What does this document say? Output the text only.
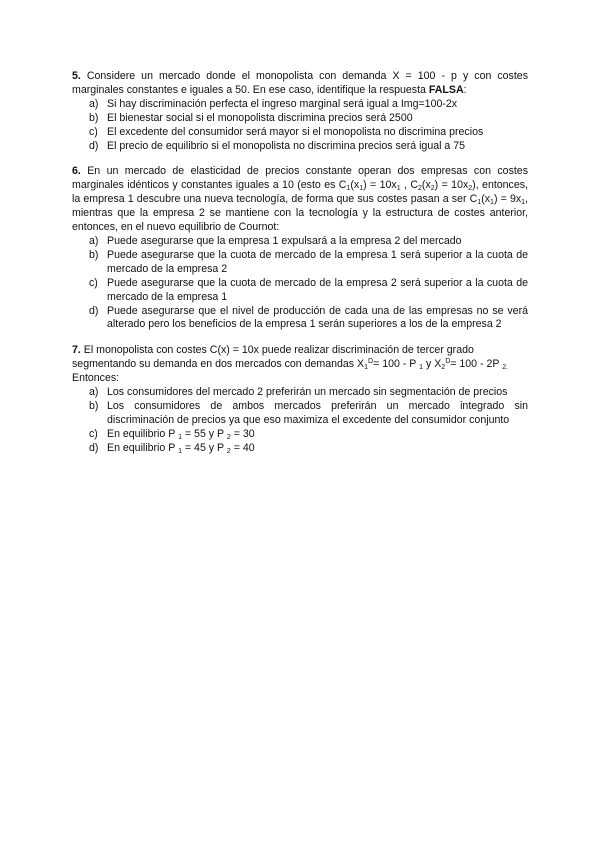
5. Considere un mercado donde el monopolista con demanda X = 100 - p y con costes marginales constantes e iguales a 50. En ese caso, identifique la respuesta FALSA:
a) Si hay discriminación perfecta el ingreso marginal será igual a Img=100-2x
b) El bienestar social si el monopolista discrimina precios será 2500
c) El excedente del consumidor será mayor si el monopolista no discrimina precios
d) El precio de equilibrio si el monopolista no discrimina precios será igual a 75
6. En un mercado de elasticidad de precios constante operan dos empresas con costes marginales idénticos y constantes iguales a 10 (esto es $C_1(x_1) = 10x_1$ , $C_2(x_2) = 10x_2$), entonces, la empresa 1 descubre una nueva tecnología, de forma que sus costes pasan a ser $C_1(x_1) = 9x_1$, mientras que la empresa 2 se mantiene con la tecnología y la estructura de costes anterior, entonces, en el nuevo equilibrio de Cournot:
a) Puede asegurarse que la empresa 1 expulsará a la empresa 2 del mercado
b) Puede asegurarse que la cuota de mercado de la empresa 1 será superior a la cuota de mercado de la empresa 2
c) Puede asegurarse que la cuota de mercado de la empresa 2 será superior a la cuota de mercado de la empresa 1
d) Puede asegurarse que el nivel de producción de cada una de las empresas no se verá alterado pero los beneficios de la empresa 1 serán superiores a los de la empresa 2
7. El monopolista con costes C(x) = 10x puede realizar discriminación de tercer grado segmentando su demanda en dos mercados con demandas $X_1^D= 100 - P$ $_1$ y $X_2^D= 100 - 2P$ $_{2.}$ Entonces:
a) Los consumidores del mercado 2 preferirán un mercado sin segmentación de precios
b) Los consumidores de ambos mercados preferirán un mercado integrado sin discriminación de precios ya que eso maximiza el excedente del consumidor conjunto
c) En equilibrio P $_1$ = 55 y P $_2$ = 30
d) En equilibrio P $_1$ = 45 y P $_2$ = 40
